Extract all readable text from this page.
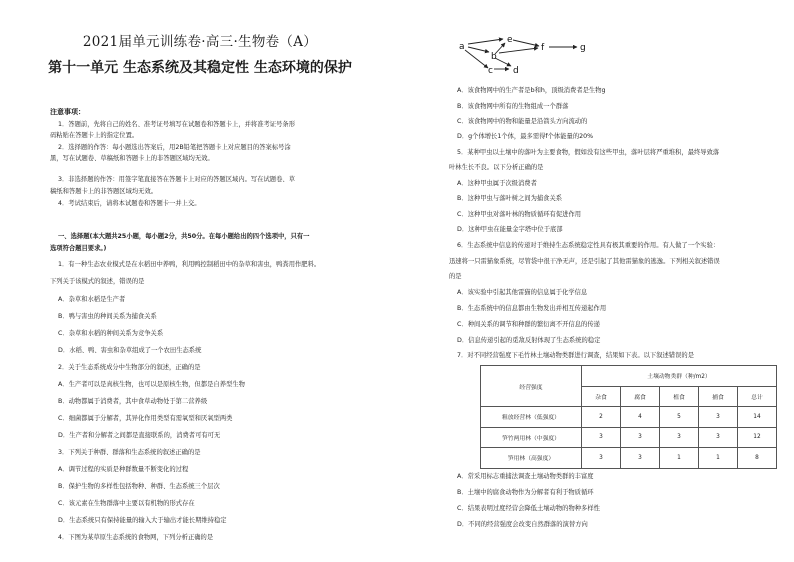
2021届单元训练卷·高三·生物卷（A）
第十一单元 生态系统及其稳定性 生态环境的保护
注意事项：
1．答题前，先将自己的姓名、准考证号填写在试题卷和答题卡上，并将准考证号条形
码粘贴在答题卡上的指定位置。
2．选择题的作答：每小题选出答案后，用2B铅笔把答题卡上对应题目的答案标号涂
黑，写在试题卷、草稿纸和答题卡上的非答题区域均无效。
3．非选择题的作答：用签字笔直接答在答题卡上对应的答题区域内。写在试题卷、草
稿纸和答题卡上的非答题区域均无效。
4．考试结束后，请将本试题卷和答题卡一并上交。
一、选择题(本大题共25小题，每小题2分，共50分。在每小题给出的四个选项中，只有一
选项符合题目要求。)
1．有一种生态农业模式是在水稻田中养鸭，利用鸭控制稻田中的杂草和害虫，鸭粪用作肥料。
下列关于该模式的叙述，错误的是
A．杂草和水稻是生产者
B．鸭与害虫的种间关系为捕食关系
C．杂草和水稻的种间关系为竞争关系
D．水稻、鸭、害虫和杂草组成了一个农田生态系统
2．关于生态系统成分中生物部分的叙述，正确的是
A．生产者可以是真核生物，也可以是原核生物，但都是自养型生物
B．动物都属于消费者，其中食草动物处于第二营养级
C．细菌都属于分解者，其异化作用类型有需氧型和厌氧型两类
D．生产者和分解者之间都是直接联系的，消费者可有可无
3．下列关于种群、群落和生态系统的叙述正确的是
A．调节过程的实质是种群数量不断变化的过程
B．保护生物的多样性包括物种、种群、生态系统三个层次
C．该元素在生物群落中主要以有机物的形式存在
D．生态系统只有保持能量的输入大于输出才能长期维持稳定
4．下图为某草原生态系统的食物网，下列分析正确的是
a
b
c d
e
f	g
A．该食物网中的生产者是b和h，顶级消费者是生物g
B．该食物网中所有的生物组成一个群落
C．该食物网中的物和能量是沿箭头方向流动的
D．g个体增长1个体，最多需得f个体能量的20%
5．某种甲虫以土壤中的落叶为主要食物，假如没有这些甲虫，落叶层将严重堆积，最终导致落
叶林生长不良。以下分析正确的是
A．这种甲虫属于次级消费者
B．这种甲虫与落叶树之间为捕食关系
C．这种甲虫对落叶林的物质循环有促进作用
D．这种甲虫在能量金字塔中位于底部
6．生态系统中信息的传递对于维持生态系统稳定性具有极其重要的作用。有人做了一个实验：
迅速将一只雷猫象系统，尽管袋中很干净无声，还是引起了其他雷猫象的逃逸。下列相关叙述错误
的是
A．该实验中引起其他雷猫的信息属于化学信息
B．生态系统中的信息都由生物发出并相互传递起作用
C．种间关系的调节和种群的繁衍离不开信息的传递
D．信息传递引起的觅敌反射体现了生态系统的稳定
7．对不同经营强度下毛竹林土壤动物类群进行调查，结果如下表。以下叙述错误的是
经营强度	土壤动物类群（种/m2）				
	杂食	腐食	植食	捕食	总计
粗放经营林（低强度）	2	4	5	3	14
笋竹两用林（中强度）	3	3	3	3	12
笋用林（高强度）	3	3	1	1	8
A．常采用标志重捕法调查土壤动物类群的丰富度
B．土壤中的腐食动物作为分解者有利于物质循环
C．结果表明过度经营会降低土壤动物的物种多样性
D．不同的经营强度会改变自然群落的演替方向
